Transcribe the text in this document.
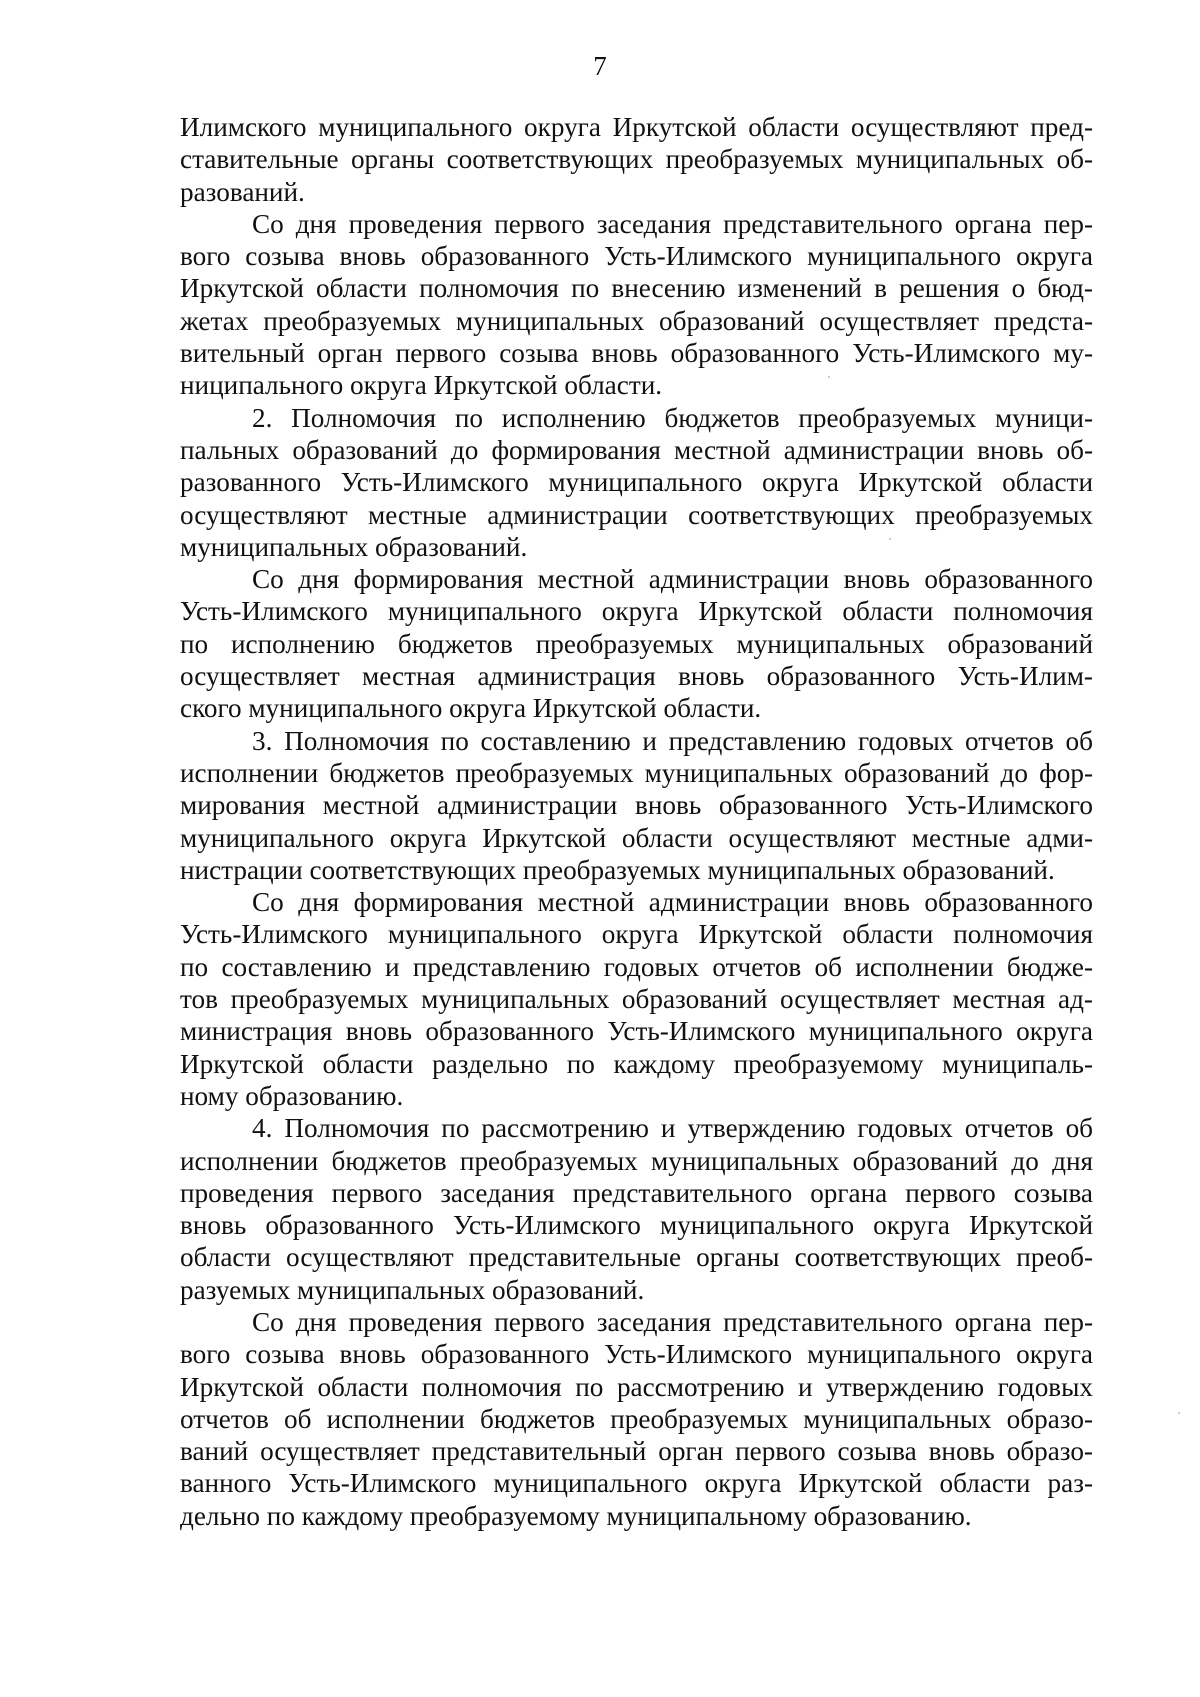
7

Илимского муниципального округа Иркутской области осуществляют пред-
ставительные органы соответствующих преобразуемых муниципальных об-
разований.

Со дня проведения первого заседания представительного органа пер-
вого созыва вновь образованного Усть-Илимского муниципального округа
Иркутской области полномочия по внесению изменений в решения о бюд-
жетах преобразуемых муниципальных образований осуществляет предста-
вительный орган первого созыва вновь образованного Усть-Илимского му-
ниципального округа Иркутской области.

2. Полномочия по исполнению бюджетов преобразуемых муници-
пальных образований до формирования местной администрации вновь об-
разованного Усть-Илимского муниципального округа Иркутской области
осуществляют местные администрации соответствующих преобразуемых
муниципальных образований.

Со дня формирования местной администрации вновь образованного
Усть-Илимского муниципального округа Иркутской области полномочия
по исполнению бюджетов преобразуемых муниципальных образований
осуществляет местная администрация вновь образованного Усть-Илим-
ского муниципального округа Иркутской области.

3. Полномочия по составлению и представлению годовых отчетов об
исполнении бюджетов преобразуемых муниципальных образований до фор-
мирования местной администрации вновь образованного Усть-Илимского
муниципального округа Иркутской области осуществляют местные адми-
нистрации соответствующих преобразуемых муниципальных образований.

Со дня формирования местной администрации вновь образованного
Усть-Илимского муниципального округа Иркутской области полномочия
по составлению и представлению годовых отчетов об исполнении бюдже-
тов преобразуемых муниципальных образований осуществляет местная ад-
министрация вновь образованного Усть-Илимского муниципального округа
Иркутской области раздельно по каждому преобразуемому муниципаль-
ному образованию.

4. Полномочия по рассмотрению и утверждению годовых отчетов об
исполнении бюджетов преобразуемых муниципальных образований до дня
проведения первого заседания представительного органа первого созыва
вновь образованного Усть-Илимского муниципального округа Иркутской
области осуществляют представительные органы соответствующих преоб-
разуемых муниципальных образований.

Со дня проведения первого заседания представительного органа пер-
вого созыва вновь образованного Усть-Илимского муниципального округа
Иркутской области полномочия по рассмотрению и утверждению годовых
отчетов об исполнении бюджетов преобразуемых муниципальных образо-
ваний осуществляет представительный орган первого созыва вновь образо-
ванного Усть-Илимского муниципального округа Иркутской области раз-
дельно по каждому преобразуемому муниципальному образованию.
